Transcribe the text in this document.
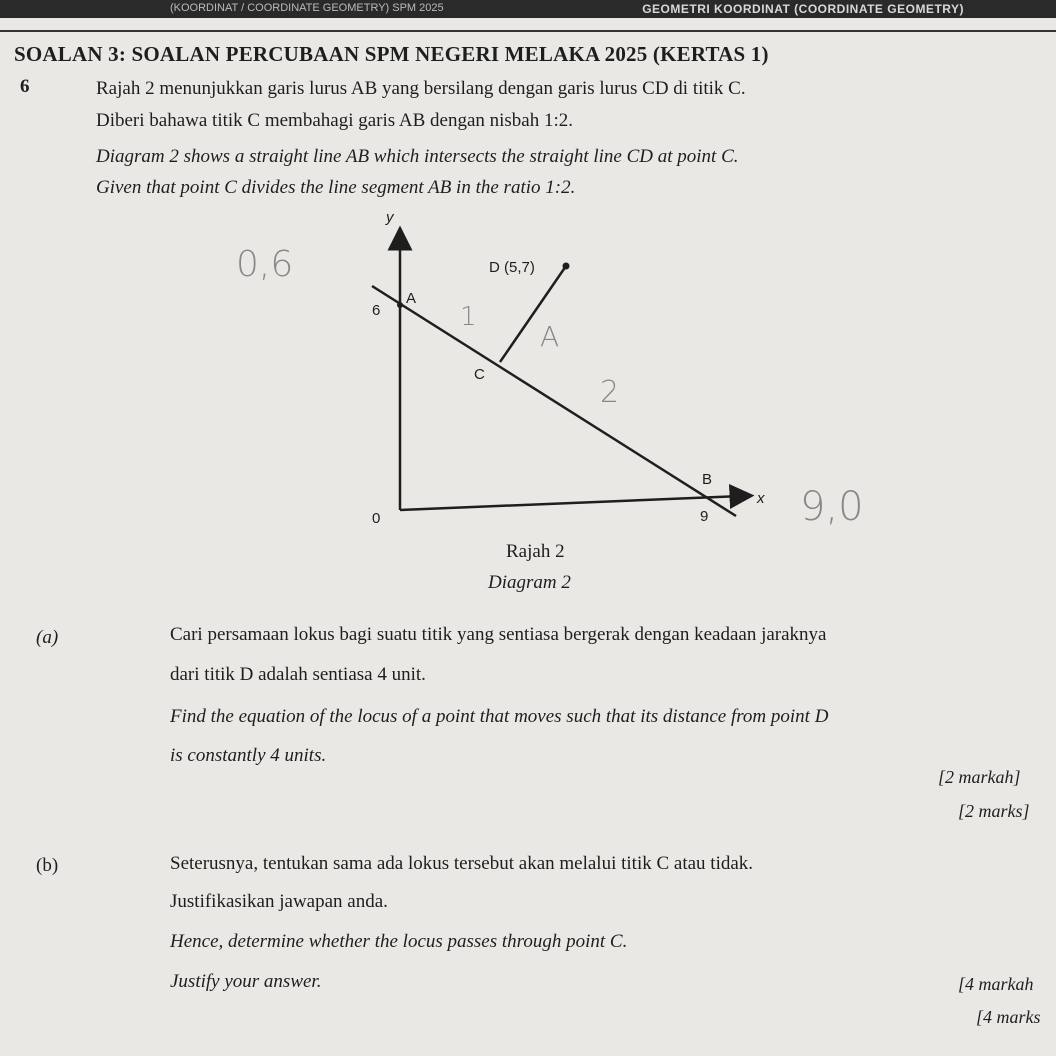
(KOORDINAT / COORDINATE GEOMETRY) SPM 2025	GEOMETRI KOORDINAT (COORDINATE GEOMETRY)
SOALAN 3: SOALAN PERCUBAAN SPM NEGERI MELAKA 2025 (KERTAS 1)
6	Rajah 2 menunjukkan garis lurus AB yang bersilang dengan garis lurus CD di titik C.
Diberi bahawa titik C membahagi garis AB dengan nisbah 1:2.
Diagram 2 shows a straight line AB which intersects the straight line CD at point C.
Given that point C divides the line segment AB in the ratio 1:2.
y
x
0
D (5,7)
A
C
B
6
9
0,6
9,0
1
2
A
Rajah 2
Diagram 2
(a)	Cari persamaan lokus bagi suatu titik yang sentiasa bergerak dengan keadaan jaraknya
dari titik D adalah sentiasa 4 unit.
Find the equation of the locus of a point that moves such that its distance from point D
is constantly 4 units.
[2 markah]
[2 marks]
(b)	Seterusnya, tentukan sama ada lokus tersebut akan melalui titik C atau tidak.
Justifikasikan jawapan anda.
Hence, determine whether the locus passes through point C.
Justify your answer.	[4 markah
[4 marks
